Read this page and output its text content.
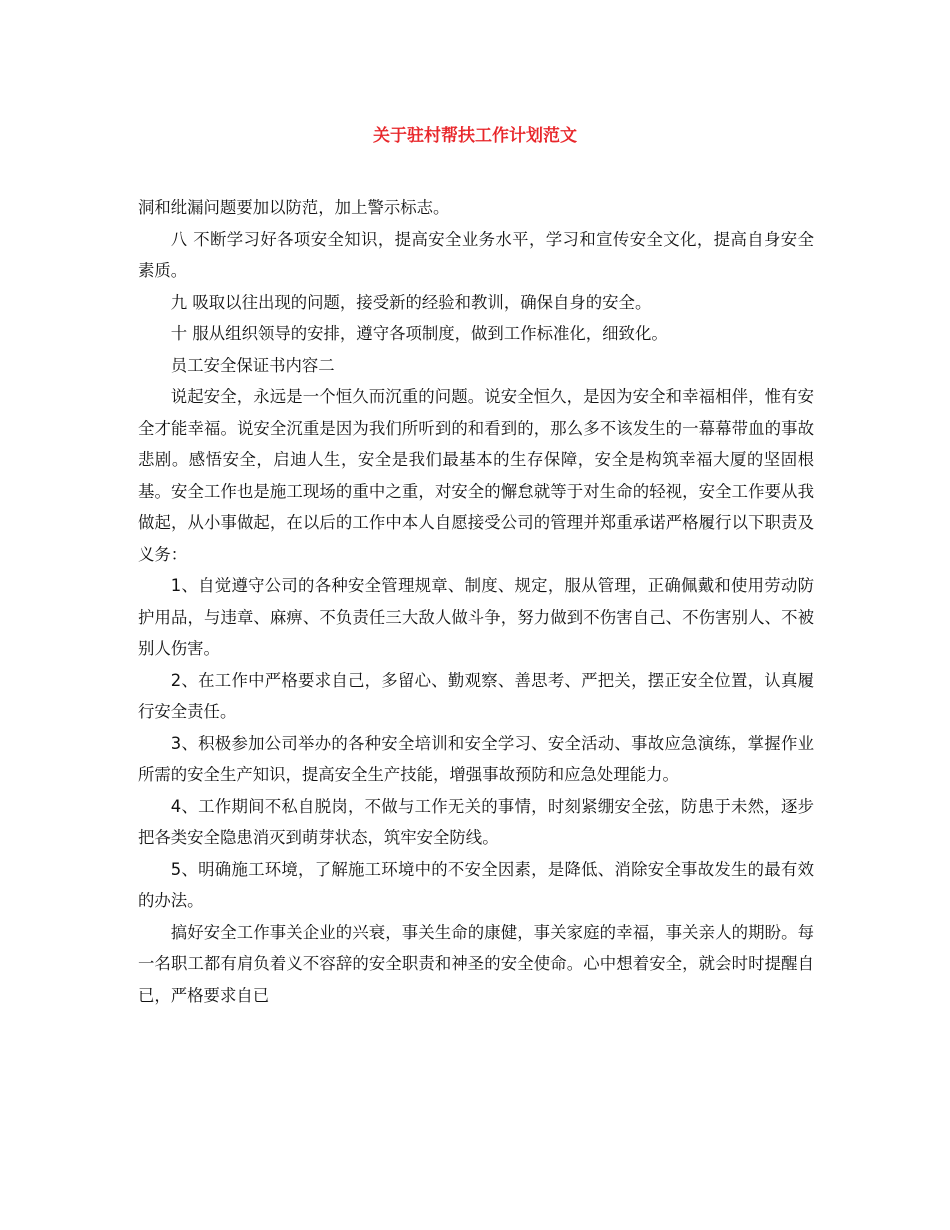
关于驻村帮扶工作计划范文

洞和纰漏问题要加以防范，加上警示标志。

八 不断学习好各项安全知识，提高安全业务水平，学习和宣传安全文化，提高自身安全素质。

九 吸取以往出现的问题，接受新的经验和教训，确保自身的安全。

十 服从组织领导的安排，遵守各项制度，做到工作标准化，细致化。

员工安全保证书内容二

说起安全，永远是一个恒久而沉重的问题。说安全恒久，是因为安全和幸福相伴，惟有安全才能幸福。说安全沉重是因为我们所听到的和看到的，那么多不该发生的一幕幕带血的事故悲剧。感悟安全，启迪人生，安全是我们最基本的生存保障，安全是构筑幸福大厦的坚固根基。安全工作也是施工现场的重中之重，对安全的懈怠就等于对生命的轻视，安全工作要从我做起，从小事做起，在以后的工作中本人自愿接受公司的管理并郑重承诺严格履行以下职责及义务：

1、自觉遵守公司的各种安全管理规章、制度、规定，服从管理，正确佩戴和使用劳动防护用品，与违章、麻痹、不负责任三大敌人做斗争，努力做到不伤害自己、不伤害别人、不被别人伤害。

2、在工作中严格要求自己，多留心、勤观察、善思考、严把关，摆正安全位置，认真履行安全责任。

3、积极参加公司举办的各种安全培训和安全学习、安全活动、事故应急演练，掌握作业所需的安全生产知识，提高安全生产技能，增强事故预防和应急处理能力。

4、工作期间不私自脱岗，不做与工作无关的事情，时刻紧绷安全弦，防患于未然，逐步把各类安全隐患消灭到萌芽状态，筑牢安全防线。

5、明确施工环境，了解施工环境中的不安全因素，是降低、消除安全事故发生的最有效的办法。

搞好安全工作事关企业的兴衰，事关生命的康健，事关家庭的幸福，事关亲人的期盼。每一名职工都有肩负着义不容辞的安全职责和神圣的安全使命。心中想着安全，就会时时提醒自已，严格要求自已
